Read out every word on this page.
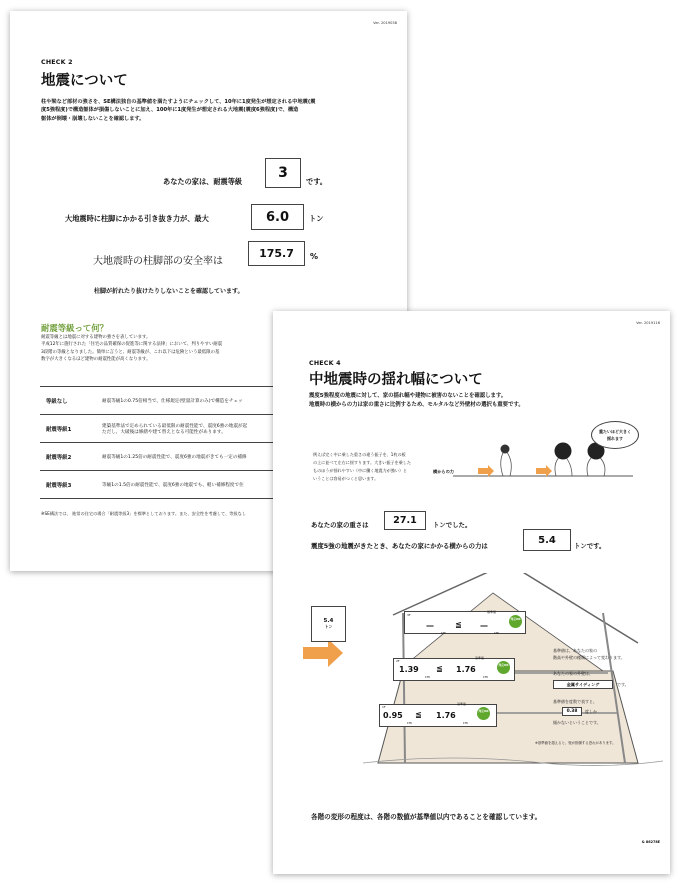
Ver. 2019038
CHECK 2
地震について
柱や梁など部材の強さを、SE構法独自の基準値を満たすようにチェックして、10年に1度発生が想定される中地震(震
度5強程度)で構造躯体が損傷しないことに加え、100年に1度発生が想定される大地震(震度6強程度)で、構造
躯体が倒壊・崩壊しないことを確認します。
あなたの家は、耐震等級
3
です。
大地震時に柱脚にかかる引き抜き力が、最大	6.0	トン
大地震時の柱脚部の安全率は
175.7 %
柱脚が折れたり抜けたりしないことを確認しています。
耐震等級って何？
耐震等級とは地震に対する建物の強さを表しています。
平成12年に施行された「住宅の品質確保の促進等に関する法律」において、判りやすい耐震
3段階の等級となりました。簡単に言うと、耐震等級が、これ以下は危険という最低限の基
数字が大きくなるほど建物の耐震性能が高くなります。
等級なし	耐震等級1の0.75倍相当で、仕様規定(壁量計算のみ)で構造をチェッ
耐震等級1	建築基準法で定められている最低限の耐震性能で、震度6強の地震が起
ただし、大破後は修繕や建て替えとなる可能性があります。

耐震等級2	耐震等級1の1.25倍の耐震性能で、震度6強の地震がきても一定の補修
耐震等級3	等級1の1.5倍の耐震性能で、震度6強の地震でも、軽い補修程度で住
※SE構法では、 進常の住宅の場合「耐震等級3」を標準としております。また、安全性を考慮して、等級なし
Ver. 2019116
CHECK 4
中地震時の揺れ幅について
震度5強程度の地震に対して、家の揺れ幅や建物に被害のないことを確認します。
地震時の横からの力は家の重さに比例するため、モルタルなど外壁材の選択も重要です。
例えば完く中に乗した重さの違う振子を、1枚の板
の上に並べて左右に揺すります。大きい振子を乗した
ものほうが揺れやすい（中に働く地震力が強い）と
いうことは容易がつくと思います。
横からの力
重たいほど大きく揺れます
あなたの家の重さは	27.1	トンでした。
震度5強の地震がきたとき、あなたの家にかかる横からの力は
5.4
トンです。
5.4
トン
3F
基準値
—	≦ —
cm	cm
判定OK
2F
基準値
1.39 ≦ 1.76
cm	cm
判定OK
1F
基準値
0.95 ≦ 1.76
cm	cm
判定OK
基準値は、あなたの家の
階高や外壁の種類によって変わります。
あなたの家の外壁は、
金属サイディング	です。
基準値を度数で表すと、
0.38 度しか
傾かないということです。
※基準値を超えると、壁が損傷する恐れがあります。
各階の変形の程度は、各階の数値が基準値以内であることを確認しています。
& 86278E
